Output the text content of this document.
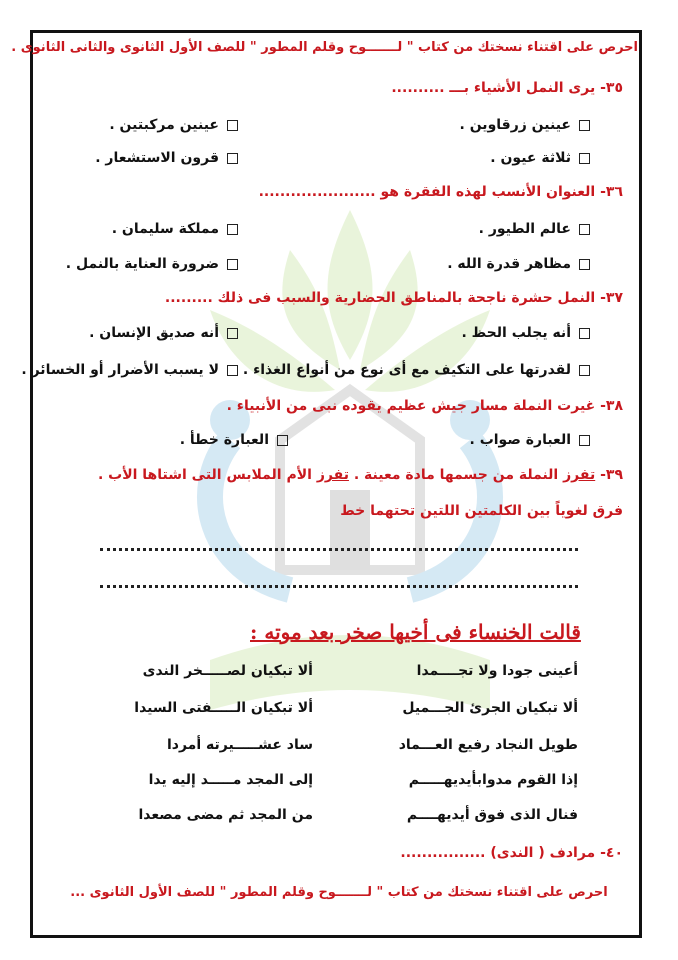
احرص على اقتناء نسختك من كتاب " لـــــــوح وقلم المطور " للصف الأول الثانوى والثانى الثانوى .
٣٥- يرى النمل الأشياء بـــ ..........
عينين زرقاوين .
عينين مركبتين .
ثلاثة عيون .
قرون الاستشعار .
٣٦- العنوان الأنسب لهذه الفقرة هو ......................
عالم الطيور .
مملكة سليمان .
مظاهر قدرة الله .
ضرورة العناية بالنمل .
٣٧- النمل حشرة ناجحة بالمناطق الحضارية والسبب فى ذلك .........
أنه يجلب الحظ .
أنه صديق الإنسان .
لقدرتها على التكيف مع أى نوع من أنواع الغذاء .
لا يسبب الأضرار أو الخسائر .
٣٨- غيرت النملة مسار جيش عظيم يقوده نبى من الأنبياء .
العبارة صواب .
العبارة خطأ .
٣٩- تفرز النملة من جسمها مادة معينة . تفرز الأم الملابس التى اشتاها الأب .
فرق لغوياً بين الكلمتين اللتين تحتهما خط
قالت الخنساء فى أخيها صخر بعد موته :
أعينى جودا ولا تجــــمدا
ألا تبكيان لصـــــخر الندى
ألا تبكيان الجرئ الجـــميل
ألا تبكيان الـــــفتى السيدا
طويل النجاد رفيع العـــماد
ساد عشـــــيرته أمردا
إذا القوم مدوابأيديهـــــم
إلى المجد مـــــد إليه يدا
فنال الذى فوق أيديهــــم
من المجد ثم مضى مصعدا
٤٠- مرادف ( الندى) ................
احرص على اقتناء نسختك من كتاب " لـــــــوح وقلم المطور " للصف الأول الثانوى ...
